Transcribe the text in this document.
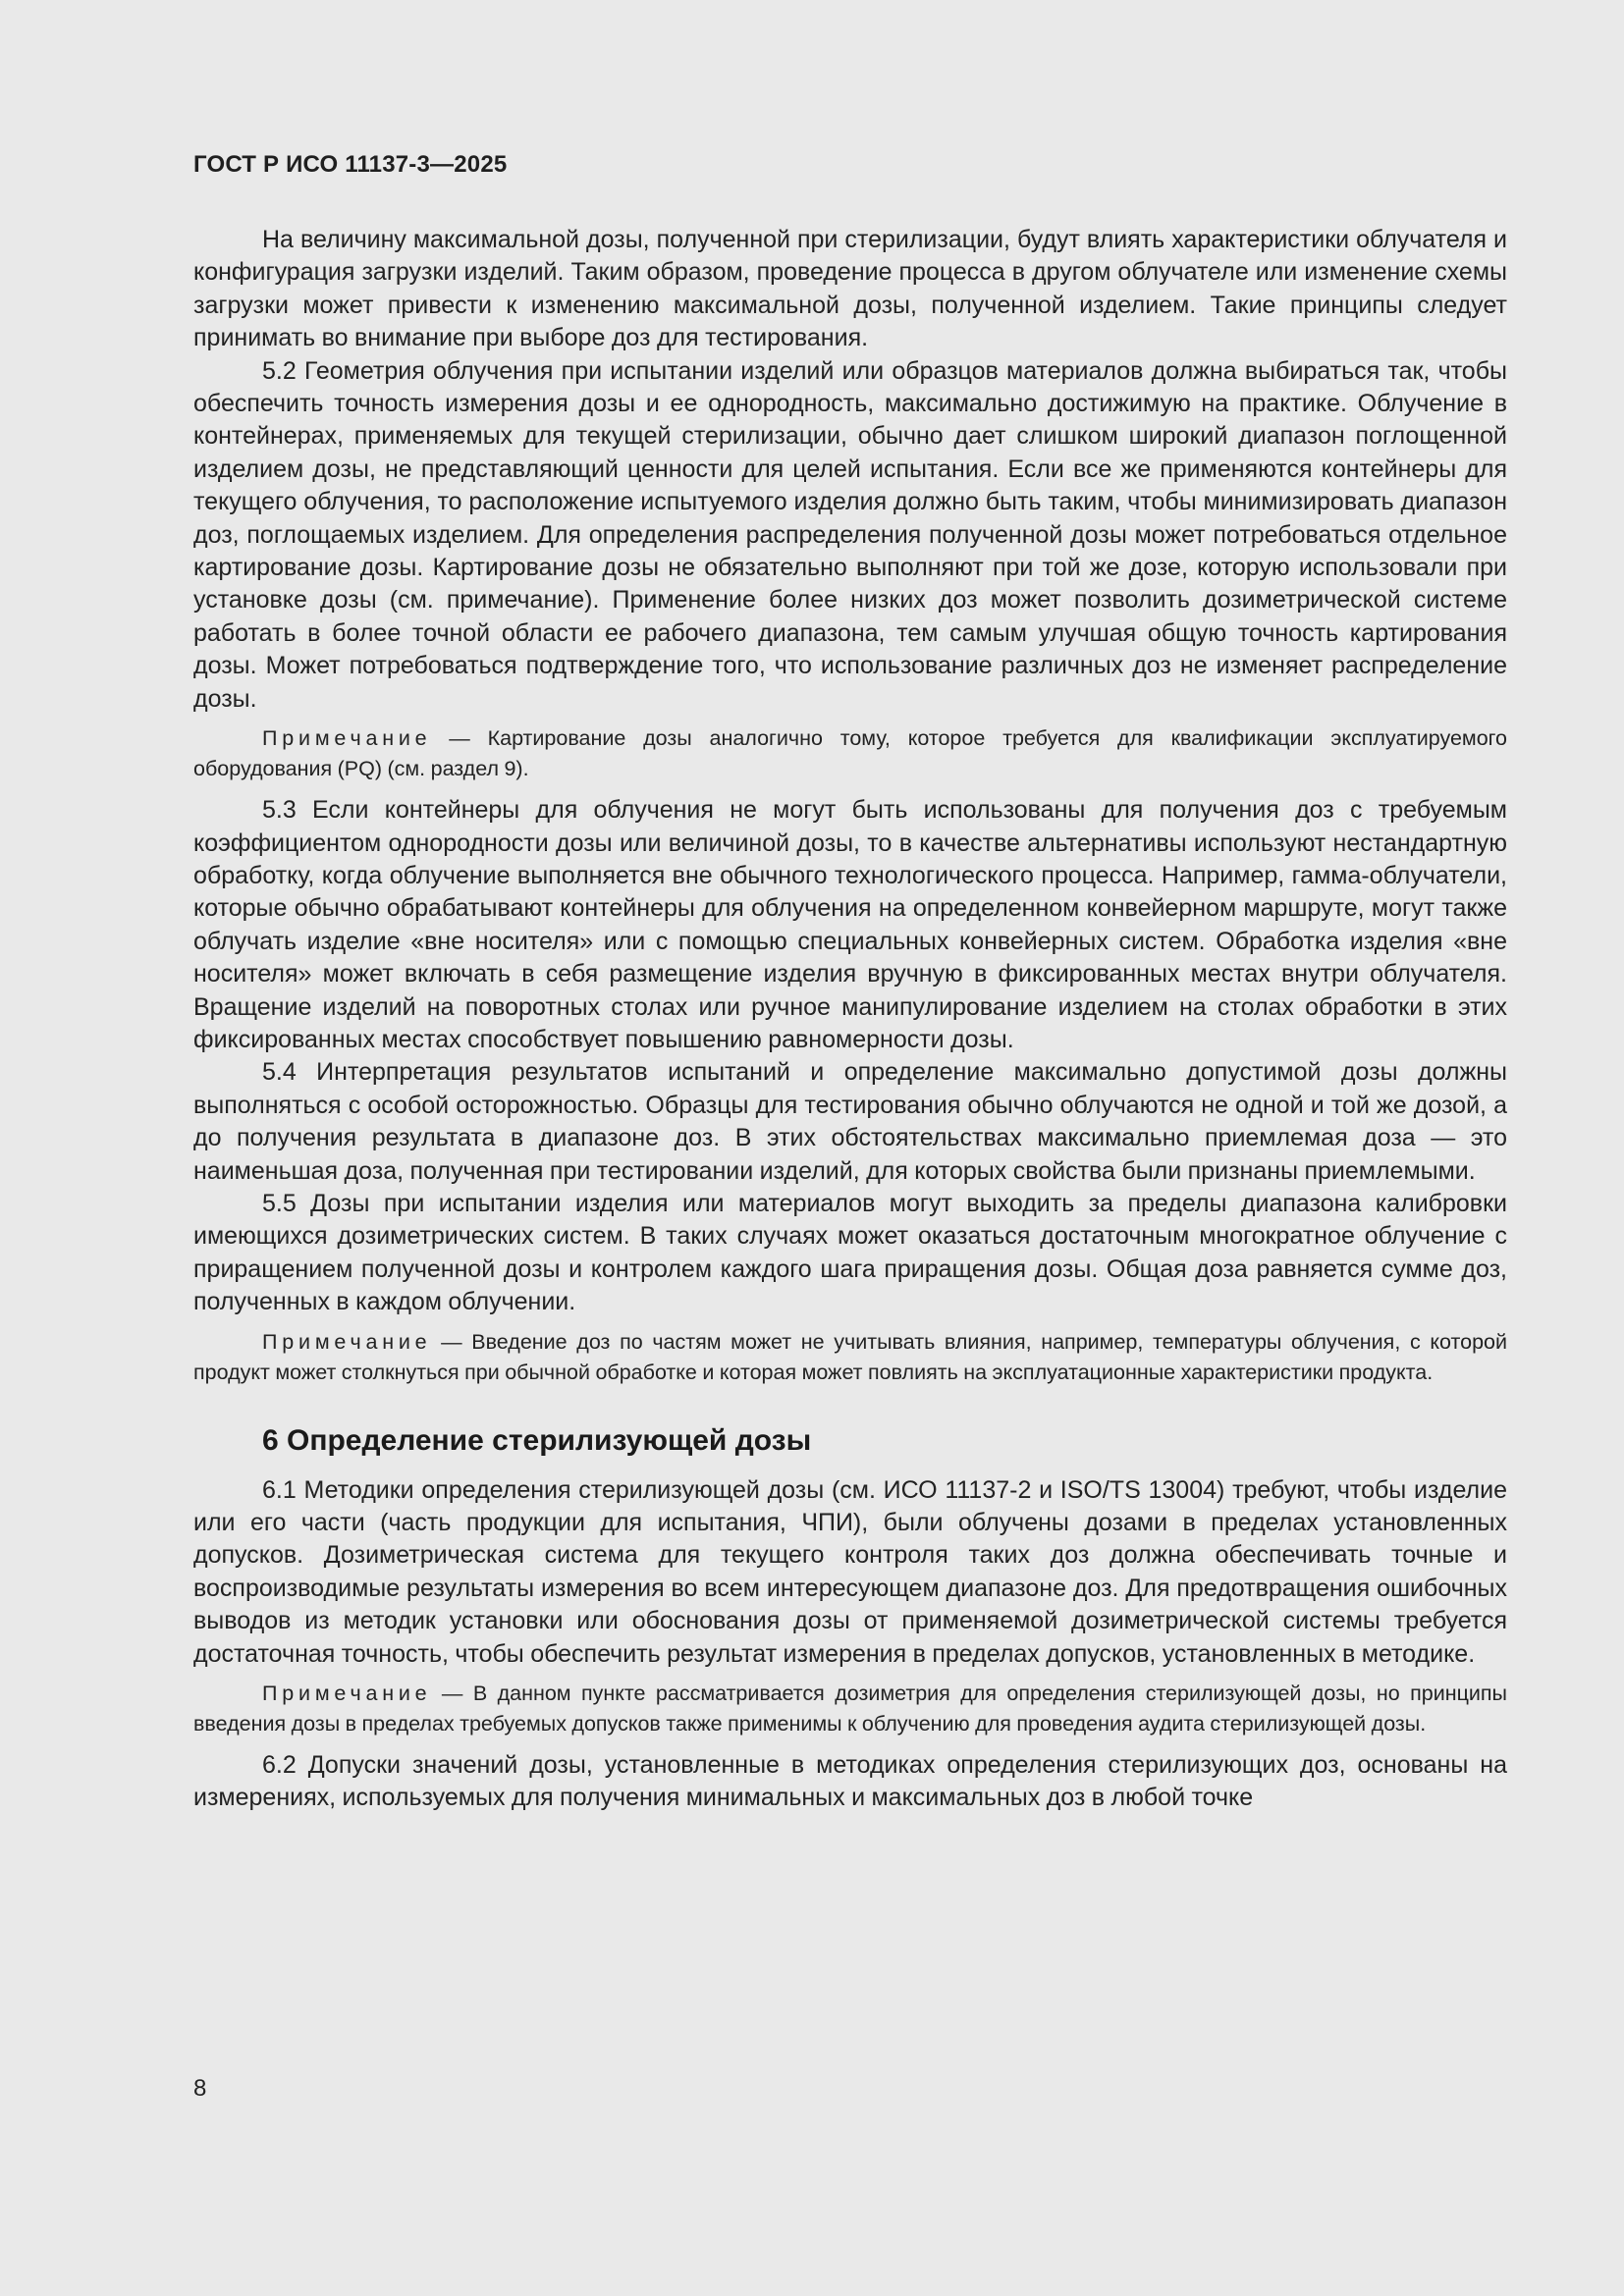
ГОСТ Р ИСО 11137-3—2025

На величину максимальной дозы, полученной при стерилизации, будут влиять характеристики облучателя и конфигурация загрузки изделий. Таким образом, проведение процесса в другом облучателе или изменение схемы загрузки может привести к изменению максимальной дозы, полученной изделием. Такие принципы следует принимать во внимание при выборе доз для тестирования.

5.2 Геометрия облучения при испытании изделий или образцов материалов должна выбираться так, чтобы обеспечить точность измерения дозы и ее однородность, максимально достижимую на практике. Облучение в контейнерах, применяемых для текущей стерилизации, обычно дает слишком широкий диапазон поглощенной изделием дозы, не представляющий ценности для целей испытания. Если все же применяются контейнеры для текущего облучения, то расположение испытуемого изделия должно быть таким, чтобы минимизировать диапазон доз, поглощаемых изделием. Для определения распределения полученной дозы может потребоваться отдельное картирование дозы. Картирование дозы не обязательно выполняют при той же дозе, которую использовали при установке дозы (см. примечание). Применение более низких доз может позволить дозиметрической системе работать в более точной области ее рабочего диапазона, тем самым улучшая общую точность картирования дозы. Может потребоваться подтверждение того, что использование различных доз не изменяет распределение дозы.

Примечание — Картирование дозы аналогично тому, которое требуется для квалификации эксплуатируемого оборудования (PQ) (см. раздел 9).

5.3 Если контейнеры для облучения не могут быть использованы для получения доз с требуемым коэффициентом однородности дозы или величиной дозы, то в качестве альтернативы используют нестандартную обработку, когда облучение выполняется вне обычного технологического процесса. Например, гамма-облучатели, которые обычно обрабатывают контейнеры для облучения на определенном конвейерном маршруте, могут также облучать изделие «вне носителя» или с помощью специальных конвейерных систем. Обработка изделия «вне носителя» может включать в себя размещение изделия вручную в фиксированных местах внутри облучателя. Вращение изделий на поворотных столах или ручное манипулирование изделием на столах обработки в этих фиксированных местах способствует повышению равномерности дозы.

5.4 Интерпретация результатов испытаний и определение максимально допустимой дозы должны выполняться с особой осторожностью. Образцы для тестирования обычно облучаются не одной и той же дозой, а до получения результата в диапазоне доз. В этих обстоятельствах максимально приемлемая доза — это наименьшая доза, полученная при тестировании изделий, для которых свойства были признаны приемлемыми.

5.5 Дозы при испытании изделия или материалов могут выходить за пределы диапазона калибровки имеющихся дозиметрических систем. В таких случаях может оказаться достаточным многократное облучение с приращением полученной дозы и контролем каждого шага приращения дозы. Общая доза равняется сумме доз, полученных в каждом облучении.

Примечание — Введение доз по частям может не учитывать влияния, например, температуры облучения, с которой продукт может столкнуться при обычной обработке и которая может повлиять на эксплуатационные характеристики продукта.

6 Определение стерилизующей дозы

6.1 Методики определения стерилизующей дозы (см. ИСО 11137-2 и ISO/TS 13004) требуют, чтобы изделие или его части (часть продукции для испытания, ЧПИ), были облучены дозами в пределах установленных допусков. Дозиметрическая система для текущего контроля таких доз должна обеспечивать точные и воспроизводимые результаты измерения во всем интересующем диапазоне доз. Для предотвращения ошибочных выводов из методик установки или обоснования дозы от применяемой дозиметрической системы требуется достаточная точность, чтобы обеспечить результат измерения в пределах допусков, установленных в методике.

Примечание — В данном пункте рассматривается дозиметрия для определения стерилизующей дозы, но принципы введения дозы в пределах требуемых допусков также применимы к облучению для проведения аудита стерилизующей дозы.

6.2 Допуски значений дозы, установленные в методиках определения стерилизующих доз, основаны на измерениях, используемых для получения минимальных и максимальных доз в любой точке

8
